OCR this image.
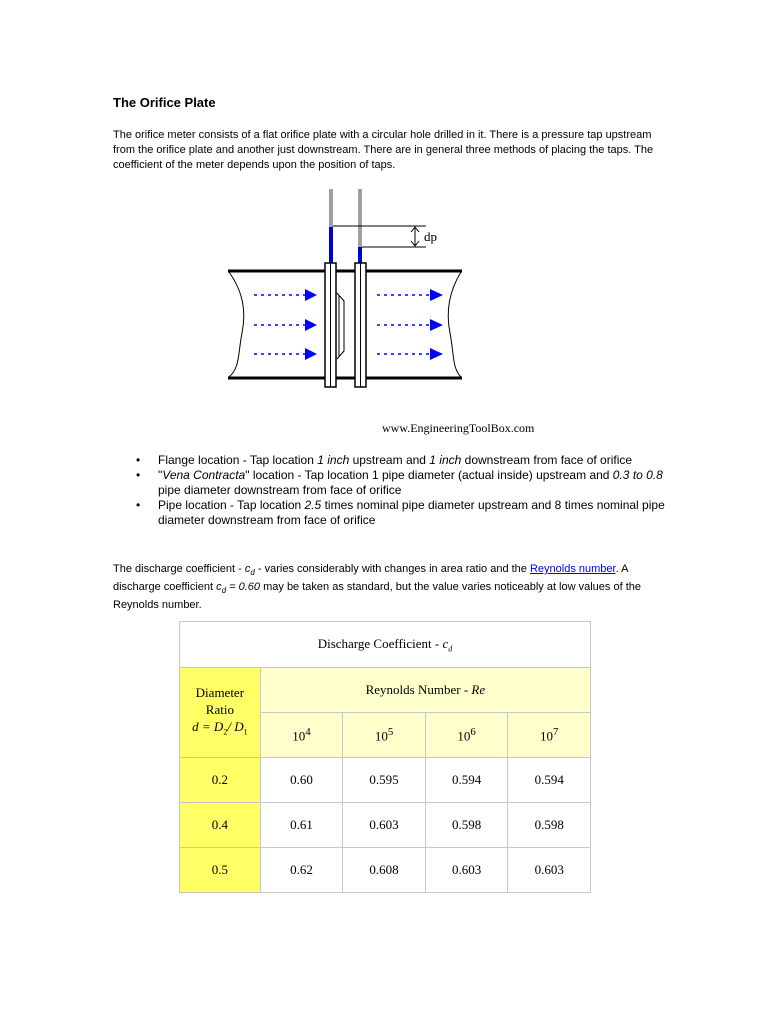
The Orifice Plate

The orifice meter consists of a flat orifice plate with a circular hole drilled in it. There is a pressure tap upstream from the orifice plate and another just downstream. There are in general three methods of placing the taps. The coefficient of the meter depends upon the position of taps.

dp
www.EngineeringToolBox.com
• Flange location - Tap location 1 inch upstream and 1 inch downstream from face of orifice
• "Vena Contracta" location - Tap location 1 pipe diameter (actual inside) upstream and 0.3 to 0.8 pipe diameter downstream from face of orifice
• Pipe location - Tap location 2.5 times nominal pipe diameter upstream and 8 times nominal pipe diameter downstream from face of orifice

The discharge coefficient - $c_d$ - varies considerably with changes in area ratio and the Reynolds number. A discharge coefficient $c_d = 0.60$ may be taken as standard, but the value varies noticeably at low values of the Reynolds number.

Discharge Coefficient - $c_d$
Diameter
Ratio
$d = D_2/$ $D_1$	Reynolds Number - Re			
	$10^4$	$10^5$	$10^6$	$10^7$
0.2	0.60	0.595	0.594	0.594
0.4	0.61	0.603	0.598	0.598
0.5	0.62	0.608	0.603	0.603
